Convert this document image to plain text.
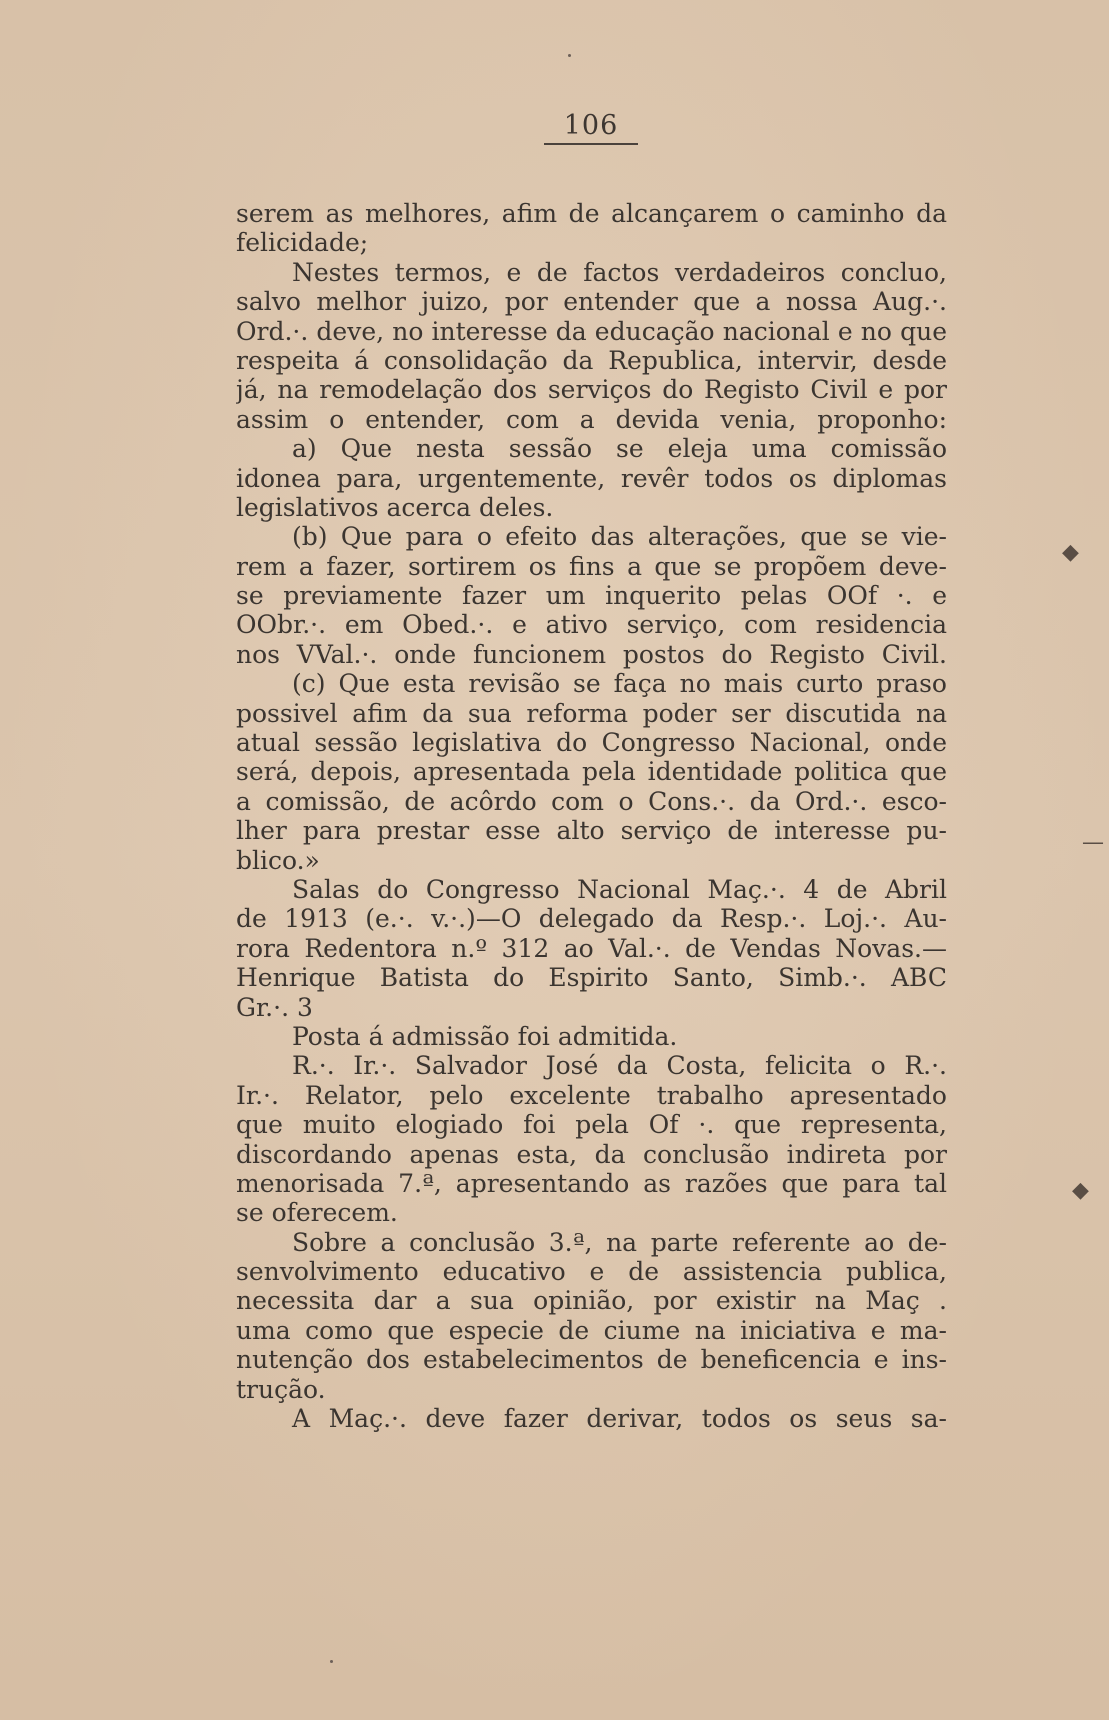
106
serem as melhores, afim de alcançarem o caminho da
felicidade;
Nestes termos, e de factos verdadeiros concluo,
salvo melhor juizo, por entender que a nossa Aug.·.
Ord.·. deve, no interesse da educação nacional e no que
respeita á consolidação da Republica, intervir, desde
já, na remodelação dos serviços do Registo Civil e por
assim o entender, com a devida venia, proponho:
a) Que nesta sessão se eleja uma comissão
idonea para, urgentemente, revêr todos os diplomas
legislativos acerca deles.
(b) Que para o efeito das alterações, que se vie-
rem a fazer, sortirem os fins a que se propõem deve-
se previamente fazer um inquerito pelas OOf ·. e
OObr.·. em Obed.·. e ativo serviço, com residencia
nos VVal.·. onde funcionem postos do Registo Civil.
(c) Que esta revisão se faça no mais curto praso
possivel afim da sua reforma poder ser discutida na
atual sessão legislativa do Congresso Nacional, onde
será, depois, apresentada pela identidade politica que
a comissão, de acôrdo com o Cons.·. da Ord.·. esco-
lher para prestar esse alto serviço de interesse pu-
blico.»
Salas do Congresso Nacional Maç.·. 4 de Abril
de 1913 (e.·. v.·.)—O delegado da Resp.·. Loj.·. Au-
rora Redentora n.º 312 ao Val.·. de Vendas Novas.—
Henrique Batista do Espirito Santo, Simb.·. ABC
Gr.·. 3
Posta á admissão foi admitida.
R.·. Ir.·. Salvador José da Costa, felicita o R.·.
Ir.·. Relator, pelo excelente trabalho apresentado
que muito elogiado foi pela Of ·. que representa,
discordando apenas esta, da conclusão indireta por
menorisada 7.ª, apresentando as razões que para tal
se oferecem.
Sobre a conclusão 3.ª, na parte referente ao de-
senvolvimento educativo e de assistencia publica,
necessita dar a sua opinião, por existir na Maç .
uma como que especie de ciume na iniciativa e ma-
nutenção dos estabelecimentos de beneficencia e ins-
trução.
A Maç.·. deve fazer derivar, todos os seus sa-
◆
—
◆
